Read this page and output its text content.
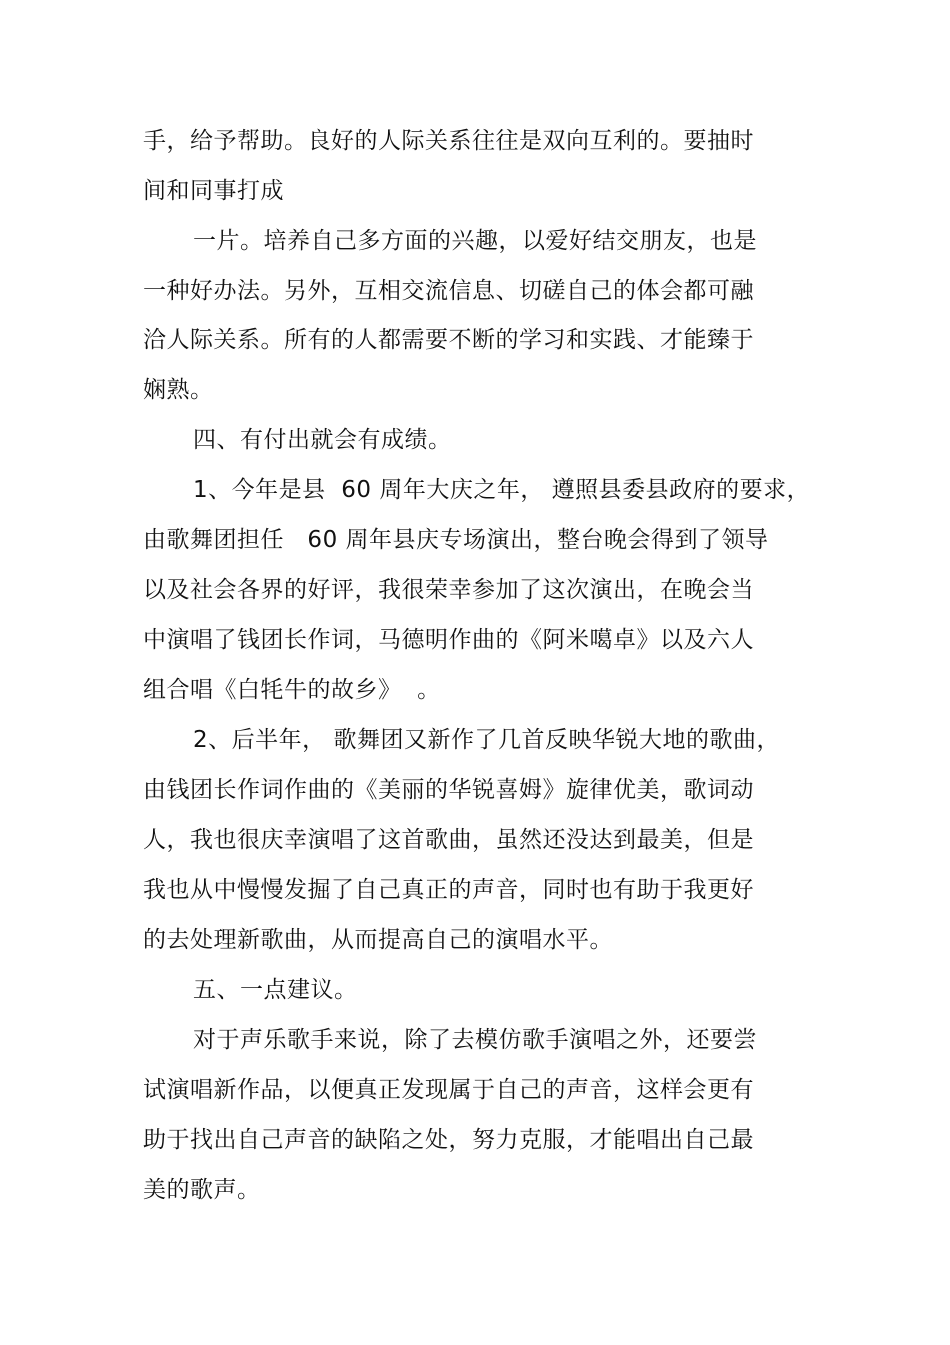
手，给予帮助。良好的人际关系往往是双向互利的。要抽时
间和同事打成
一片。培养自己多方面的兴趣，以爱好结交朋友，也是
一种好办法。另外，互相交流信息、切磋自己的体会都可融
洽人际关系。所有的人都需要不断的学习和实践、才能臻于
娴熟。
四、有付出就会有成绩。
1、今年是县  60 周年大庆之年， 遵照县委县政府的要求，
由歌舞团担任   60 周年县庆专场演出，整台晚会得到了领导
以及社会各界的好评，我很荣幸参加了这次演出，在晚会当
中演唱了钱团长作词，马德明作曲的《阿米噶卓》以及六人
组合唱《白牦牛的故乡》  。
2、后半年， 歌舞团又新作了几首反映华锐大地的歌曲，
由钱团长作词作曲的《美丽的华锐喜姆》旋律优美，歌词动
人，我也很庆幸演唱了这首歌曲，虽然还没达到最美，但是
我也从中慢慢发掘了自己真正的声音，同时也有助于我更好
的去处理新歌曲，从而提高自己的演唱水平。
五、一点建议。
对于声乐歌手来说，除了去模仿歌手演唱之外，还要尝
试演唱新作品，以便真正发现属于自己的声音，这样会更有
助于找出自己声音的缺陷之处，努力克服，才能唱出自己最
美的歌声。
